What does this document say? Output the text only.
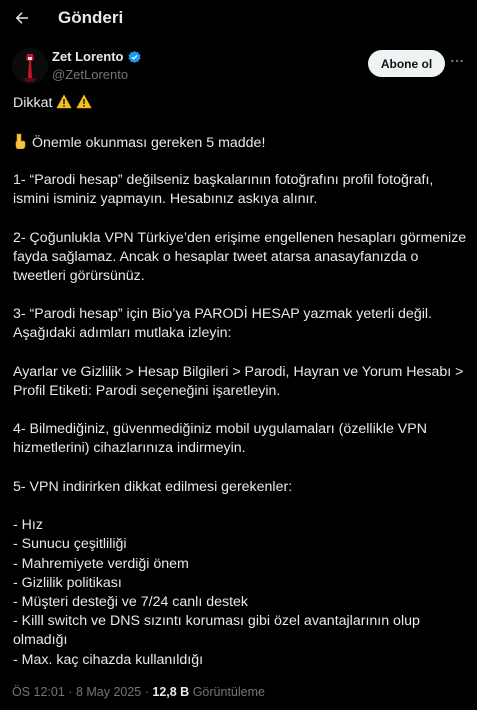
Gönderi
Zet Lorento
@ZetLorento
Abone ol
Dikkat
Önemle okunması gereken 5 madde!
1- “Parodi hesap” değilseniz başkalarının fotoğrafını profil fotoğrafı,
ismini isminiz yapmayın. Hesabınız askıya alınır.
2- Çoğunlukla VPN Türkiye’den erişime engellenen hesapları görmenize
fayda sağlamaz. Ancak o hesaplar tweet atarsa anasayfanızda o
tweetleri görürsünüz.
3- “Parodi hesap” için Bio’ya PARODİ HESAP yazmak yeterli değil.
Aşağıdaki adımları mutlaka izleyin:
Ayarlar ve Gizlilik > Hesap Bilgileri > Parodi, Hayran ve Yorum Hesabı >
Profil Etiketi: Parodi seçeneğini işaretleyin.
4- Bilmediğiniz, güvenmediğiniz mobil uygulamaları (özellikle VPN
hizmetlerini) cihazlarınıza indirmeyin.
5- VPN indirirken dikkat edilmesi gerekenler:
- Hız
- Sunucu çeşitliliği
- Mahremiyete verdiği önem
- Gizlilik politikası
- Müşteri desteği ve 7/24 canlı destek
- Killl switch ve DNS sızıntı koruması gibi özel avantajlarının olup
olmadığı
- Max. kaç cihazda kullanıldığı
ÖS 12:01 · 8 May 2025 · 12,8 B Görüntüleme
